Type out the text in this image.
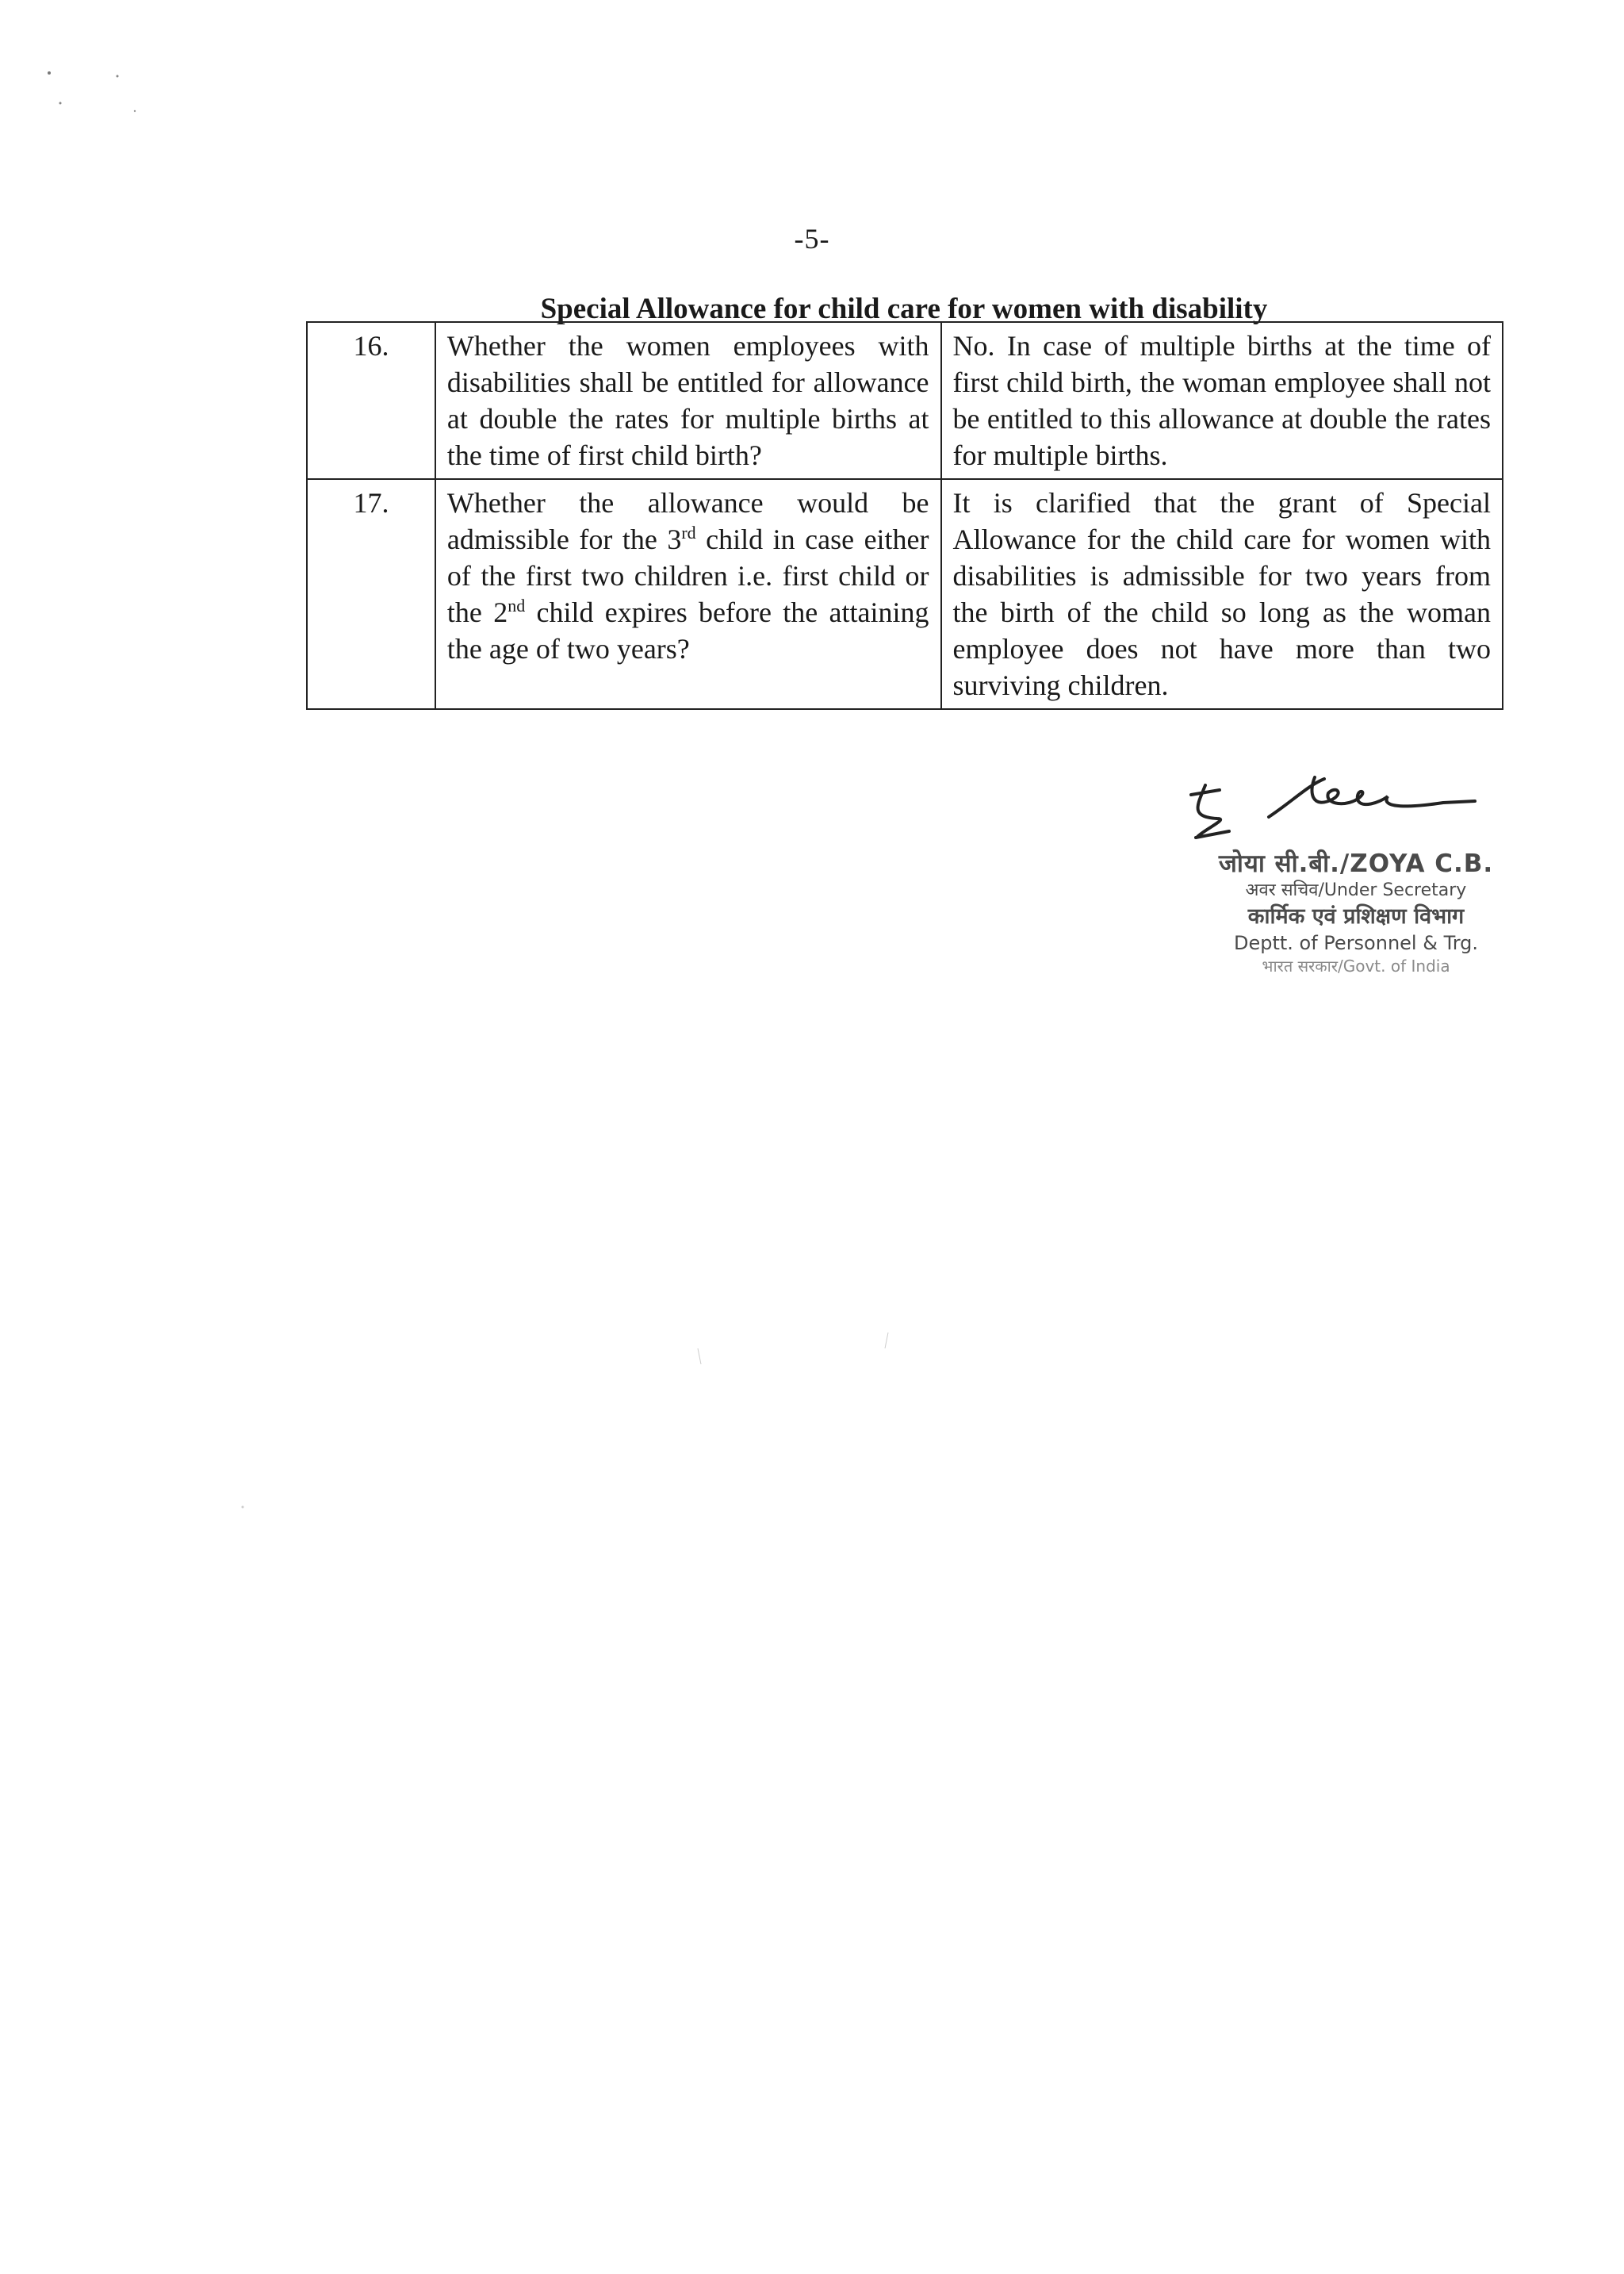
-5-
Special Allowance for child care for women with disability
16.	Whether the women employees with disabilities shall be entitled for allowance at double the rates for multiple births at the time of first child birth?	No. In case of multiple births at the time of first child birth, the woman employee shall not be entitled to this allowance at double the rates for multiple births.
17.	Whether the allowance would be admissible for the 3rd child in case either of the first two children i.e. first child or the 2nd child expires before the attaining the age of two years?	It is clarified that the grant of Special Allowance for the child care for women with disabilities is admissible for two years from the birth of the child so long as the woman employee does not have more than two surviving children.
जोया सी.बी./ZOYA C.B.
अवर सचिव/Under Secretary
कार्मिक एवं प्रशिक्षण विभाग
Deptt. of Personnel & Trg.
भारत सरकार/Govt. of India
